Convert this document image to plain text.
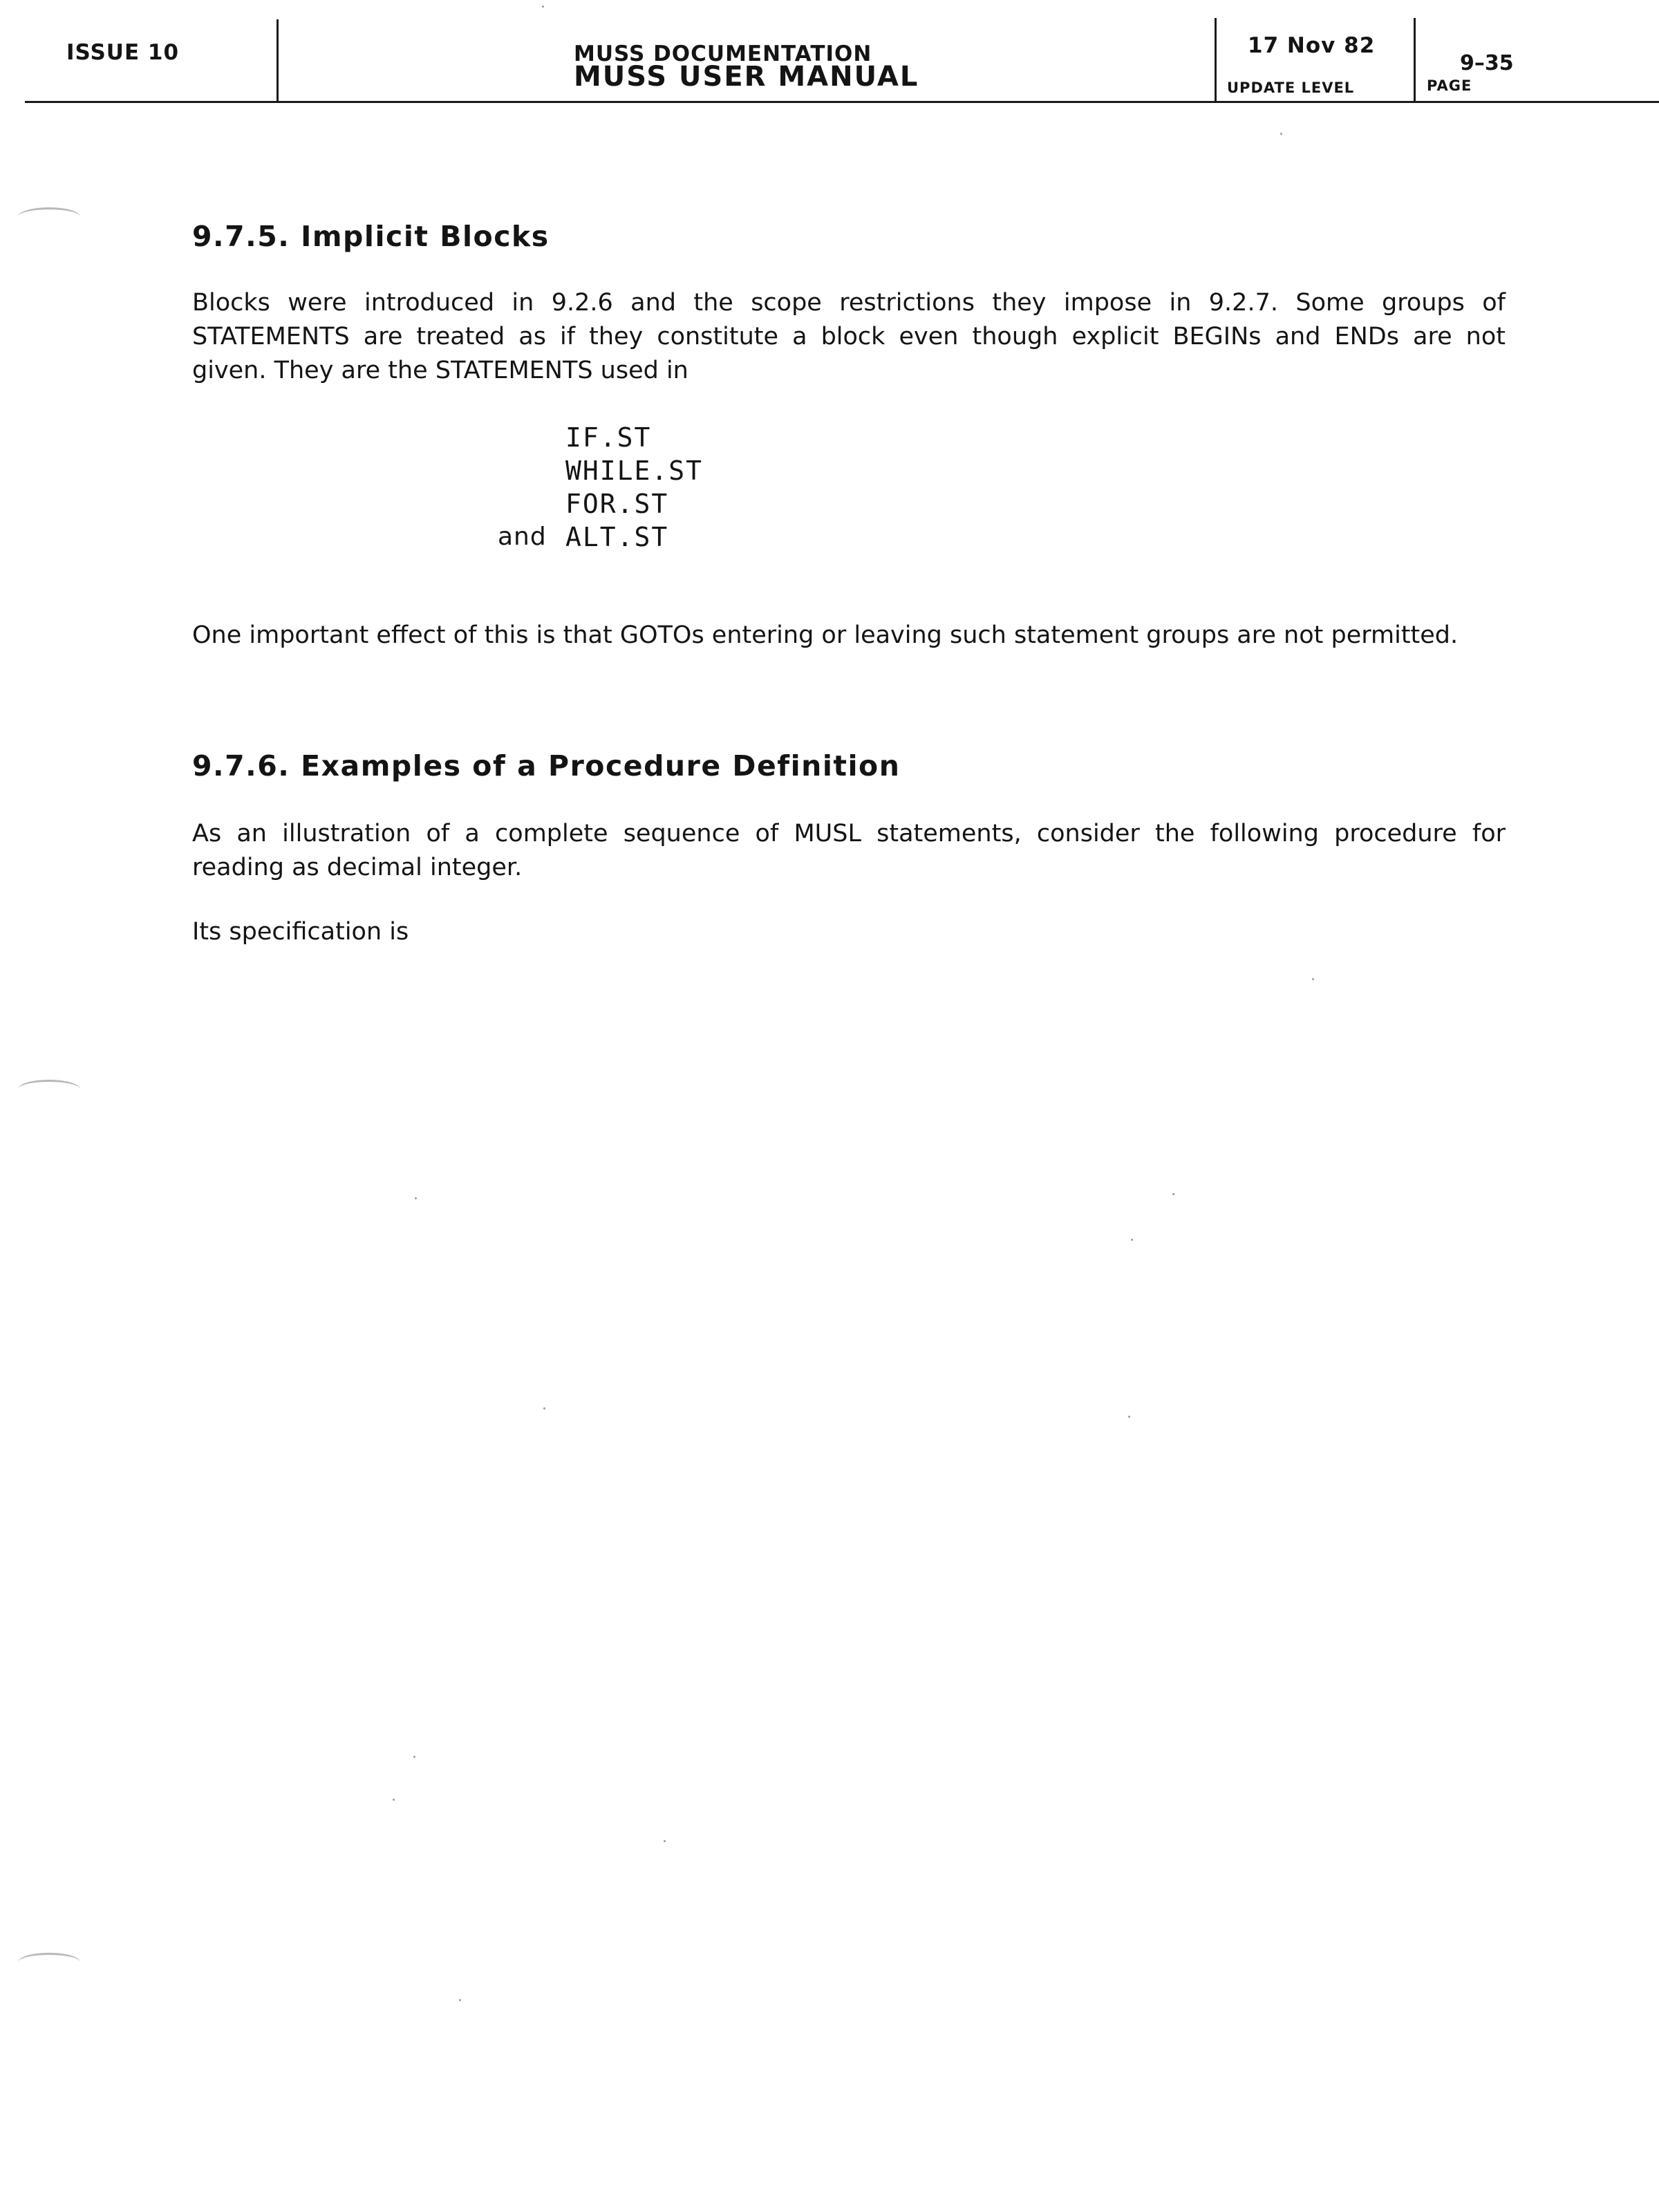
ISSUE 10	MUSS DOCUMENTATION
MUSS USER MANUAL
17 Nov 82
UPDATE LEVEL
9–35
PAGE
9.7.5. Implicit Blocks
Blocks were introduced in 9.2.6 and the scope restrictions they impose in 9.2.7. Some groups of
STATEMENTS are treated as if they constitute a block even though explicit BEGINs and ENDs are not
given. They are the STATEMENTS used in
IF.ST
WHILE.ST
FOR.ST
and ALT.ST
One important effect of this is that GOTOs entering or leaving such statement groups are not permitted.
9.7.6. Examples of a Procedure Definition
As an illustration of a complete sequence of MUSL statements, consider the following procedure for
reading as decimal integer.
Its specification is
